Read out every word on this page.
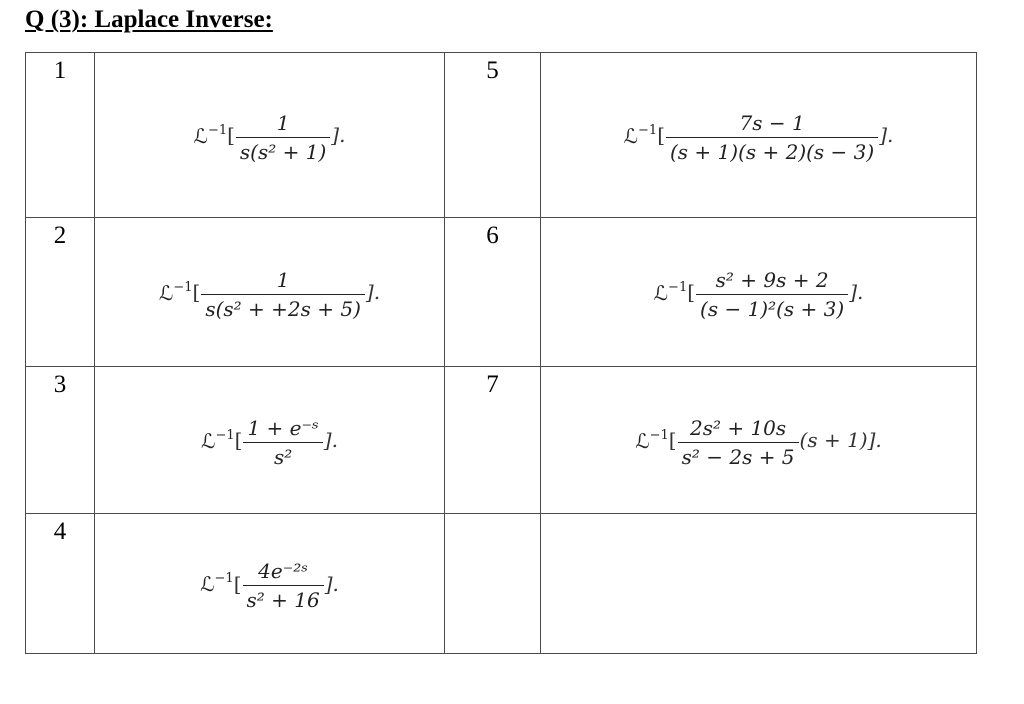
Q (3): Laplace Inverse:
1	ℒ$^{-1}$ [ $\frac{1}{\text{s(s² + 1)}}$ ].	5	ℒ$^{-1}$ [ $\frac{7s - 1}{(s + 1)(s + 2)(s - 3)}$ ].

2	ℒ$^{-1}$ [ $\frac{1}{\text{s(s² + +2s + 5)}}$ ].	6	ℒ$^{-1}$ [ $\frac{\text{s² + 9s + 2}}{\text{(s − 1)²(s + 3)}}$ ].

3	ℒ$^{-1}$ [ $\frac{\text{1 + e⁻ˢ}}{\text{s²}}$ ].	7	ℒ$^{-1}$ [ $\frac{\text{2s² + 10s}}{\text{s² − 2s + 5}} (s + 1)$].

4	ℒ$^{-1}$ [ $\frac{\text{4e⁻²ˢ}}{\text{s² + 16}}$ ].		
